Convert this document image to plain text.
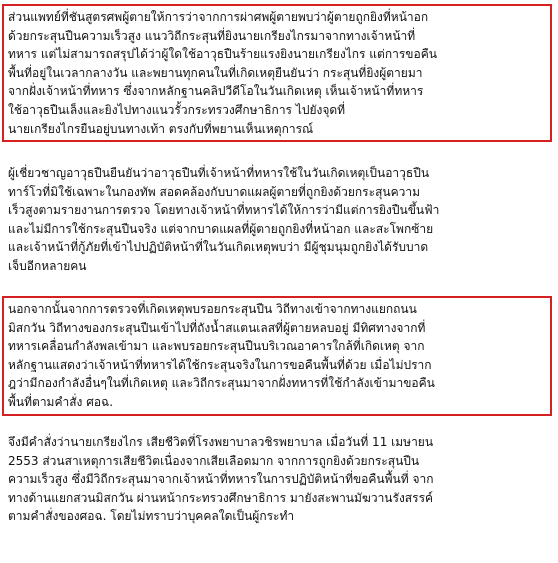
ส่วนแพทย์ที่ชันสูตรศพผู้ตายให้การว่าจากการผ่าศพผู้ตายพบว่าผู้ตายถูกยิงที่หน้าอก
ด้วยกระสุนปืนความเร็วสูง แนววิถีกระสุนที่ยิงนายเกรียงไกรมาจากทางเจ้าหน้าที่
ทหาร แต่ไม่สามารถสรุปได้ว่าผู้ใดใช้อาวุธปืนร้ายแรงยิงนายเกรียงไกร แต่การขอคืน
พื้นที่อยู่ในเวลากลางวัน และพยานทุกคนในที่เกิดเหตุยืนยันว่า กระสุนที่ยิงผู้ตายมา
จากฝั่งเจ้าหน้าที่ทหาร ซึ่งจากหลักฐานคลิปวีดีโอในวันเกิดเหตุ เห็นเจ้าหน้าที่ทหาร
ใช้อาวุธปืนเล็งและยิงไปทางแนวรั้วกระทรวงศึกษาธิการ ไปยังจุดที่
นายเกรียงไกรยืนอยู่บนทางเท้า ตรงกับที่พยานเห็นเหตุการณ์
ผู้เชี่ยวชาญอาวุธปืนยืนยันว่าอาวุธปืนที่เจ้าหน้าที่ทหารใช้ในวันเกิดเหตุเป็นอาวุธปืน
ทาร์โวที่มิใช้เฉพาะในกองทัพ สอดคล้องกับบาดแผลผู้ตายที่ถูกยิงด้วยกระสุนความ
เร็วสูงตามรายงานการตรวจ โดยทางเจ้าหน้าที่ทหารได้ให้การว่ามีแต่การยิงปืนขึ้นฟ้า
และไม่มีการใช้กระสุนปืนจริง แต่จากบาดแผลที่ผู้ตายถูกยิงที่หน้าอก และสะโพกซ้าย
และเจ้าหน้าที่กู้ภัยที่เข้าไปปฏิบัติหน้าที่ในวันเกิดเหตุพบว่า มีผู้ชุมนุมถูกยิงได้รับบาด
เจ็บอีกหลายคน
นอกจากนั้นจากการตรวจที่เกิดเหตุพบรอยกระสุนปืน วิถีทางเข้าจากทางแยกถนน
มิสกวัน วิถีทางของกระสุนปืนเข้าไปที่ถังน้ำสแตนเลสที่ผู้ตายหลบอยู่ มีทิศทางจากที่
ทหารเคลื่อนกำลังพลเข้ามา และพบรอยกระสุนปืนบริเวณอาคารใกล้ที่เกิดเหตุ จาก
หลักฐานแสดงว่าเจ้าหน้าที่ทหารได้ใช้กระสุนจริงในการขอคืนพื้นที่ด้วย เมื่อไม่ปราก
ฎว่ามีกองกำลังอื่นๆในที่เกิดเหตุ และวิถีกระสุนมาจากฝั่งทหารที่ใช้กำลังเข้ามาขอคืน
พื้นที่ตามคำสั่ง ศอฉ.
จึงมีคำสั่งว่านายเกรียงไกร เสียชีวิตที่โรงพยาบาลวชิรพยาบาล เมื่อวันที่ 11 เมษายน
2553 ส่วนสาเหตุการเสียชีวิตเนื่องจากเสียเลือดมาก จากการถูกยิงด้วยกระสุนปืน
ความเร็วสูง ซึ่งมีวิถีกระสุนมาจากเจ้าหน้าที่ทหารในการปฏิบัติหน้าที่ขอคืนพื้นที่ จาก
ทางด้านแยกสวนมิสกวัน ผ่านหน้ากระทรวงศึกษาธิการ มายังสะพานมัฆวานรังสรรค์
ตามคำสั่งของศอฉ. โดยไม่ทราบว่าบุคคลใดเป็นผู้กระทำ
